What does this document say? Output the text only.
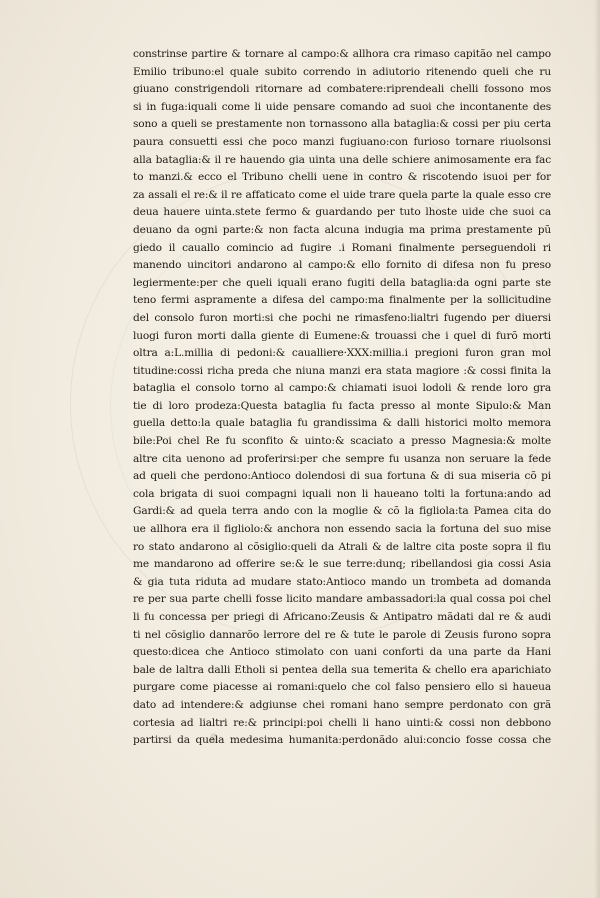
constrinse partire & tornare al campo:& allhora cra rimaso capitão nel campo
Emilio tribuno:el quale subito correndo in adiutorio ritenendo queli che ru
giuano constrigendoli ritornare ad combatere:riprendeali chelli fossono mos
si in fuga:iquali come li uide pensare comando ad suoi che incontanente des
sono a queli se prestamente non tornassono alla bataglia:& cossi per piu certa
paura consuetti essi che poco manzi fugiuano:con furioso tornare riuolsonsi
alla bataglia:& il re hauendo gia uinta una delle schiere animosamente era fac
to manzi.& ecco el Tribuno chelli uene in contro & riscotendo isuoi per for
za assali el re:& il re affaticato come el uide trare quela parte la quale esso cre
deua hauere uinta.stete fermo & guardando per tuto lhoste uide che suoi ca
deuano da ogni parte:& non facta alcuna indugia ma prima prestamente pũ
giedo il cauallo comincio ad fugire .i Romani finalmente perseguendoli ri
manendo uincitori andarono al campo:& ello fornito di difesa non fu preso
legiermente:per che queli iquali erano fugiti della bataglia:da ogni parte ste
teno fermi aspramente a difesa del campo:ma finalmente per la sollicitudine
del consolo furon morti:si che pochi ne rimasfeno:lialtri fugendo per diuersi
luogi furon morti dalla giente di Eumene:& trouassi che i quel di furõ morti
oltra a:L.millia di pedoni:& caualliere·XXX:millia.i pregioni furon gran mol
titudine:cossi richa preda che niuna manzi era stata magiore :& cossi finita la
bataglia el consolo torno al campo:& chiamati isuoi lodoli & rende loro gra
tie di loro prodeza:Questa bataglia fu facta presso al monte Sipulo:& Man
guella detto:la quale bataglia fu grandissima & dalli historici molto memora
bile:Poi chel Re fu sconfito & uinto:& scaciato a presso Magnesia:& molte
altre cita uenono ad proferirsi:per che sempre fu usanza non seruare la fede
ad queli che perdono:Antioco dolendosi di sua fortuna & di sua miseria cõ pi
cola brigata di suoi compagni iquali non li haueano tolti la fortuna:ando ad
Gardi:& ad quela terra ando con la moglie & cõ la figliola:ta Pamea cita do
ue allhora era il figliolo:& anchora non essendo sacia la fortuna del suo mise
ro stato andarono al cõsiglio:queli da Atrali & de laltre cita poste sopra il fiu
me mandarono ad offerire se:& le sue terre:dunq; ribellandosi gia cossi Asia
& gia tuta riduta ad mudare stato:Antioco mando un trombeta ad domanda
re per sua parte chelli fosse licito mandare ambassadori:la qual cossa poi chel
li fu concessa per priegi di Africano:Zeusis & Antipatro mãdati dal re & audi
ti nel cõsiglio dannarõo lerrore del re & tute le parole di Zeusis furono sopra
questo:dicea che Antioco stimolato con uani conforti da una parte da Hani
bale de laltra dalli Etholi si pentea della sua temerita & chello era aparichiato
purgare come piacesse ai romani:quelo che col falso pensiero ello si haueua
dato ad intendere:& adgiunse chei romani hano sempre perdonato con grã
cortesia ad lialtri re:& principi:poi chelli li hano uinti:& cossi non debbono
partirsi da quela medesima humanita:perdonãdo alui:concio fosse cossa che
